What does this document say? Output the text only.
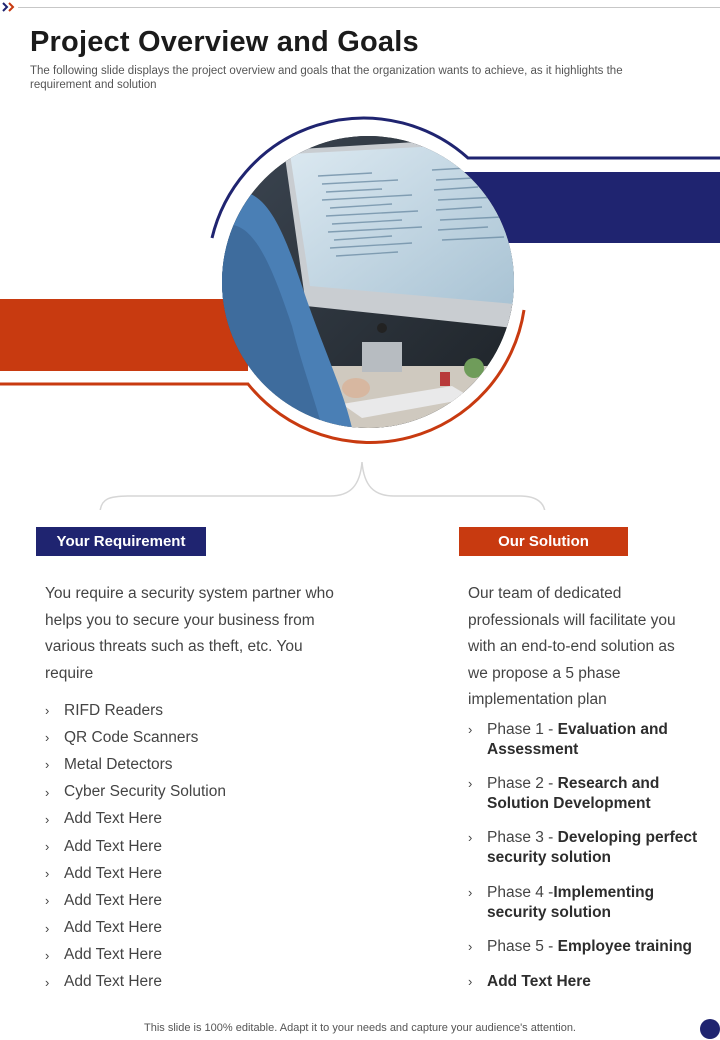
Project Overview and Goals
The following slide displays the project overview and goals that the organization wants to achieve, as it highlights the requirement and solution
Your Requirement	Our Solution
You require a security system partner who helps you to secure your business from various threats such as theft, etc. You require
Our team of dedicated professionals will facilitate you with an end-to-end solution as we propose a 5 phase implementation plan
› RIFD Readers
› QR Code Scanners
› Metal Detectors
› Cyber Security Solution
› Add Text Here
› Add Text Here
› Add Text Here
› Add Text Here
› Add Text Here
› Add Text Here
› Add Text Here
› Phase 1 - Evaluation and Assessment
› Phase 2 - Research and Solution Development
› Phase 3 - Developing perfect security solution
› Phase 4 -Implementing security solution
› Phase 5 - Employee training
› Add Text Here
This slide is 100% editable. Adapt it to your needs and capture your audience's attention.
